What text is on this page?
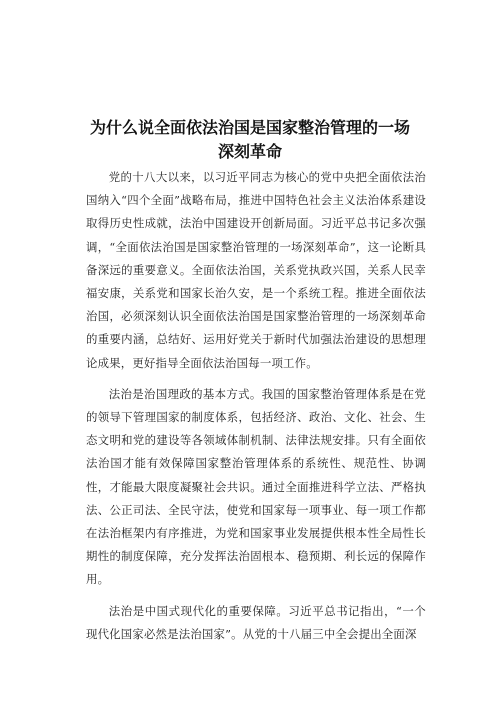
为什么说全面依法治国是国家整治管理的一场
深刻革命

党的十八大以来，以习近平同志为核心的党中央把全面依法治国纳入“四个全面”战略布局，推进中国特色社会主义法治体系建设取得历史性成就，法治中国建设开创新局面。习近平总书记多次强调，“全面依法治国是国家整治管理的一场深刻革命”，这一论断具备深远的重要意义。全面依法治国，关系党执政兴国，关系人民幸福安康，关系党和国家长治久安，是一个系统工程。推进全面依法治国，必须深刻认识全面依法治国是国家整治管理的一场深刻革命的重要内涵，总结好、运用好党关于新时代加强法治建设的思想理论成果，更好指导全面依法治国每一项工作。

法治是治国理政的基本方式。我国的国家整治管理体系是在党的领导下管理国家的制度体系，包括经济、政治、文化、社会、生态文明和党的建设等各领域体制机制、法律法规安排。只有全面依法治国才能有效保障国家整治管理体系的系统性、规范性、协调性，才能最大限度凝聚社会共识。通过全面推进科学立法、严格执法、公正司法、全民守法，使党和国家每一项事业、每一项工作都在法治框架内有序推进，为党和国家事业发展提供根本性全局性长期性的制度保障，充分发挥法治固根本、稳预期、利长远的保障作用。

法治是中国式现代化的重要保障。习近平总书记指出，“一个现代化国家必然是法治国家”。从党的十八届三中全会提出全面深
